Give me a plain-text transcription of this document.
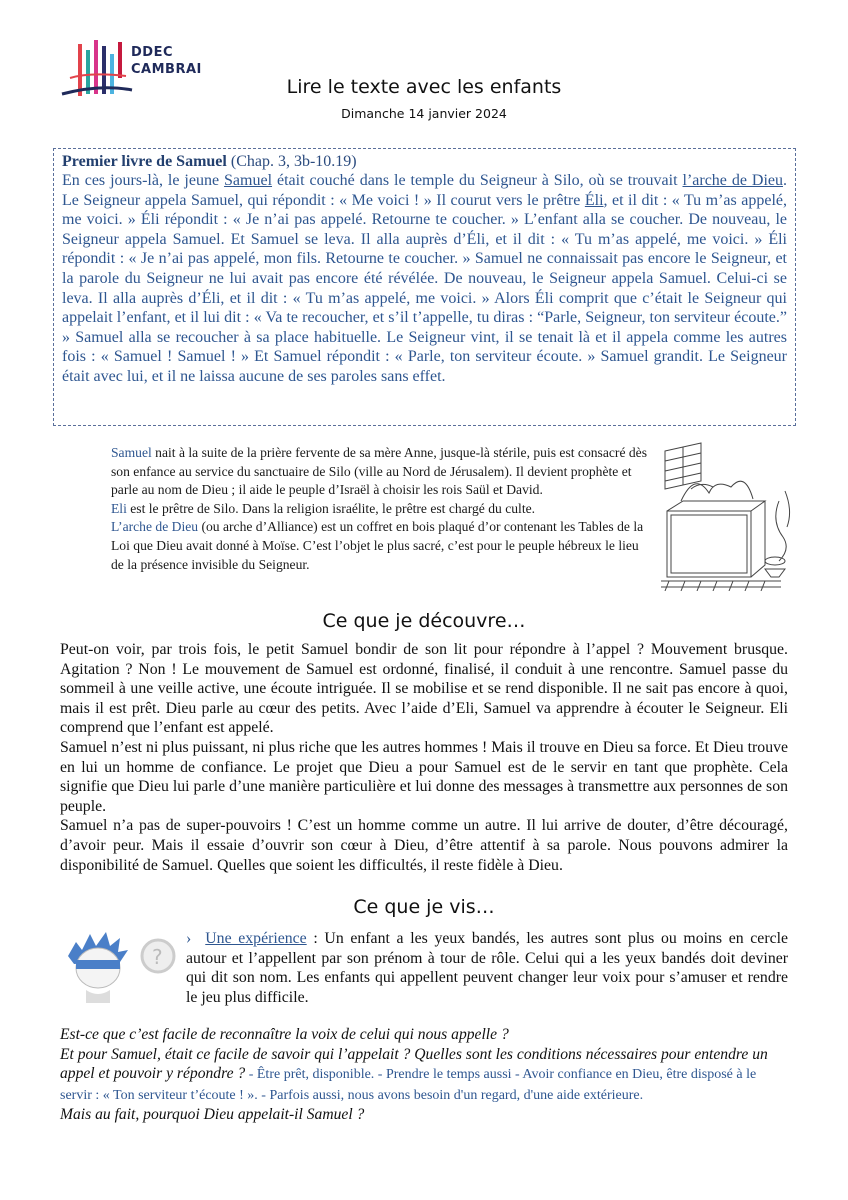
DDEC
CAMBRAI
Lire le texte avec les enfants
Dimanche 14 janvier 2024
Premier livre de Samuel (Chap. 3, 3b-10.19)
En ces jours-là, le jeune Samuel était couché dans le temple du Seigneur à Silo, où se trouvait l’arche de Dieu. Le Seigneur appela Samuel, qui répondit : « Me voici ! » Il courut vers le prêtre Éli, et il dit : « Tu m’as appelé, me voici. » Éli répondit : « Je n’ai pas appelé. Retourne te coucher. » L’enfant alla se coucher. De nouveau, le Seigneur appela Samuel. Et Samuel se leva. Il alla auprès d’Éli, et il dit : « Tu m’as appelé, me voici. » Éli répondit : « Je n’ai pas appelé, mon fils. Retourne te coucher. » Samuel ne connaissait pas encore le Seigneur, et la parole du Seigneur ne lui avait pas encore été révélée. De nouveau, le Seigneur appela Samuel. Celui-ci se leva. Il alla auprès d’Éli, et il dit : « Tu m’as appelé, me voici. » Alors Éli comprit que c’était le Seigneur qui appelait l’enfant, et il lui dit : « Va te recoucher, et s’il t’appelle, tu diras : “Parle, Seigneur, ton serviteur écoute.” » Samuel alla se recoucher à sa place habituelle. Le Seigneur vint, il se tenait là et il appela comme les autres fois : « Samuel ! Samuel ! » Et Samuel répondit : « Parle, ton serviteur écoute. » Samuel grandit. Le Seigneur était avec lui, et il ne laissa aucune de ses paroles sans effet.

Samuel nait à la suite de la prière fervente de sa mère Anne, jusque-là stérile, puis est consacré dès son enfance au service du sanctuaire de Silo (ville au Nord de Jérusalem). Il devient prophète et parle au nom de Dieu ; il aide le peuple d’Israël à choisir les rois Saül et David.

Eli est le prêtre de Silo. Dans la religion israélite, le prêtre est chargé du culte.

L’arche de Dieu (ou arche d’Alliance) est un coffret en bois plaqué d’or contenant les Tables de la Loi que Dieu avait donné à Moïse. C’est l’objet le plus sacré, c’est pour le peuple hébreux le lieu de la présence invisible du Seigneur.

Ce que je découvre…

Peut-on voir, par trois fois, le petit Samuel bondir de son lit pour répondre à l’appel ? Mouvement brusque. Agitation ? Non ! Le mouvement de Samuel est ordonné, finalisé, il conduit à une rencontre. Samuel passe du sommeil à une veille active, une écoute intriguée. Il se mobilise et se rend disponible. Il ne sait pas encore à quoi, mais il est prêt. Dieu parle au cœur des petits. Avec l’aide d’Eli, Samuel va apprendre à écouter le Seigneur. Eli comprend que l’enfant est appelé.

Samuel n’est ni plus puissant, ni plus riche que les autres hommes ! Mais il trouve en Dieu sa force. Et Dieu trouve en lui un homme de confiance. Le projet que Dieu a pour Samuel est de le servir en tant que prophète. Cela signifie que Dieu lui parle d’une manière particulière et lui donne des messages à transmettre aux personnes de son peuple.

Samuel n’a pas de super-pouvoirs ! C’est un homme comme un autre. Il lui arrive de douter, d’être découragé, d’avoir peur. Mais il essaie d’ouvrir son cœur à Dieu, d’être attentif à sa parole. Nous pouvons admirer la disponibilité de Samuel. Quelles que soient les difficultés, il reste fidèle à Dieu.

Ce que je vis…
?
› Une expérience : Un enfant a les yeux bandés, les autres sont plus ou moins en cercle autour et l’appellent par son prénom à tour de rôle. Celui qui a les yeux bandés doit deviner qui dit son nom. Les enfants qui appellent peuvent changer leur voix pour s’amuser et rendre le jeu plus difficile.

Est-ce que c’est facile de reconnaître la voix de celui qui nous appelle ?

Et pour Samuel, était ce facile de savoir qui l’appelait ? Quelles sont les conditions nécessaires pour entendre un appel et pouvoir y répondre ? - Être prêt, disponible. - Prendre le temps aussi - Avoir confiance en Dieu, être disposé à le servir : « Ton serviteur t’écoute ! ». - Parfois aussi, nous avons besoin d'un regard, d'une aide extérieure.

Mais au fait, pourquoi Dieu appelait-il Samuel ?
